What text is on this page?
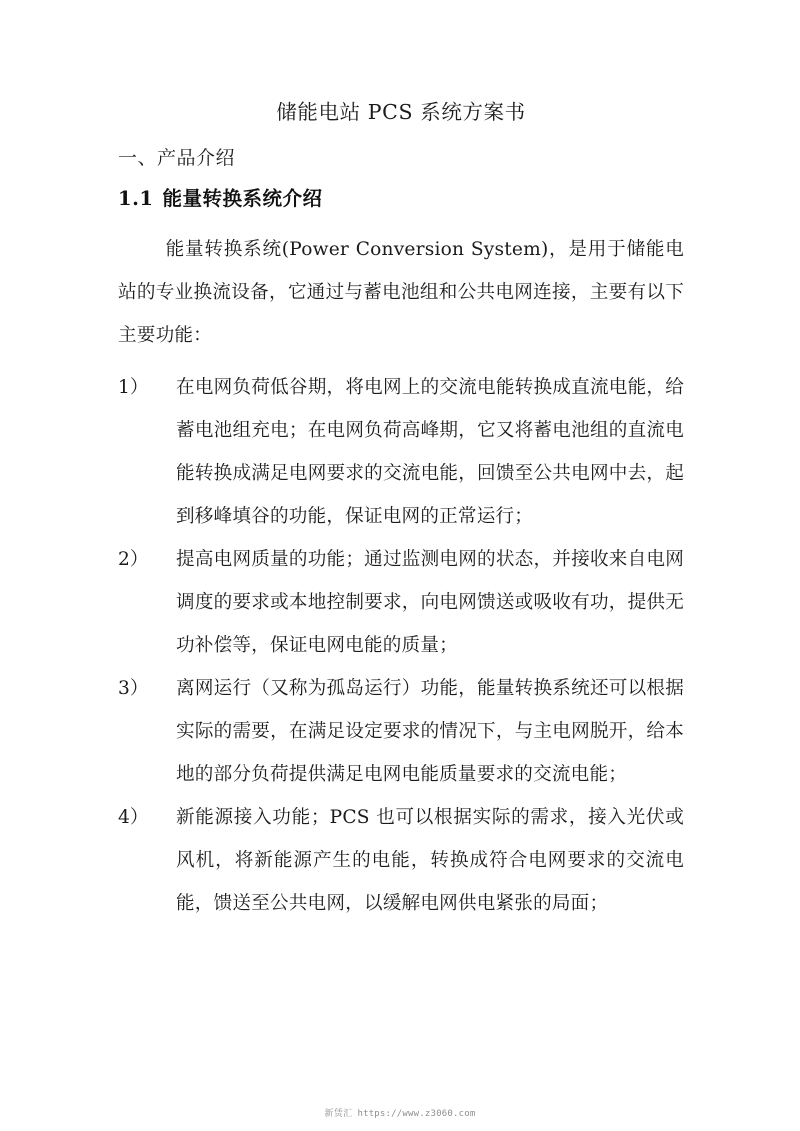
储能电站 PCS 系统方案书
一、产品介绍
1.1 能量转换系统介绍

能量转换系统(Power Conversion System)，是用于储能电站的专业换流设备，它通过与蓄电池组和公共电网连接，主要有以下主要功能：

1）	在电网负荷低谷期，将电网上的交流电能转换成直流电能，给蓄电池组充电；在电网负荷高峰期，它又将蓄电池组的直流电能转换成满足电网要求的交流电能，回馈至公共电网中去，起到移峰填谷的功能，保证电网的正常运行；
2）	提高电网质量的功能；通过监测电网的状态，并接收来自电网调度的要求或本地控制要求，向电网馈送或吸收有功，提供无功补偿等，保证电网电能的质量；
3）	离网运行（又称为孤岛运行）功能，能量转换系统还可以根据实际的需要，在满足设定要求的情况下，与主电网脱开，给本地的部分负荷提供满足电网电能质量要求的交流电能；
4）	新能源接入功能；PCS 也可以根据实际的需求，接入光伏或风机，将新能源产生的电能，转换成符合电网要求的交流电能，馈送至公共电网，以缓解电网供电紧张的局面；
新赁汇 https://www.z3060.com
